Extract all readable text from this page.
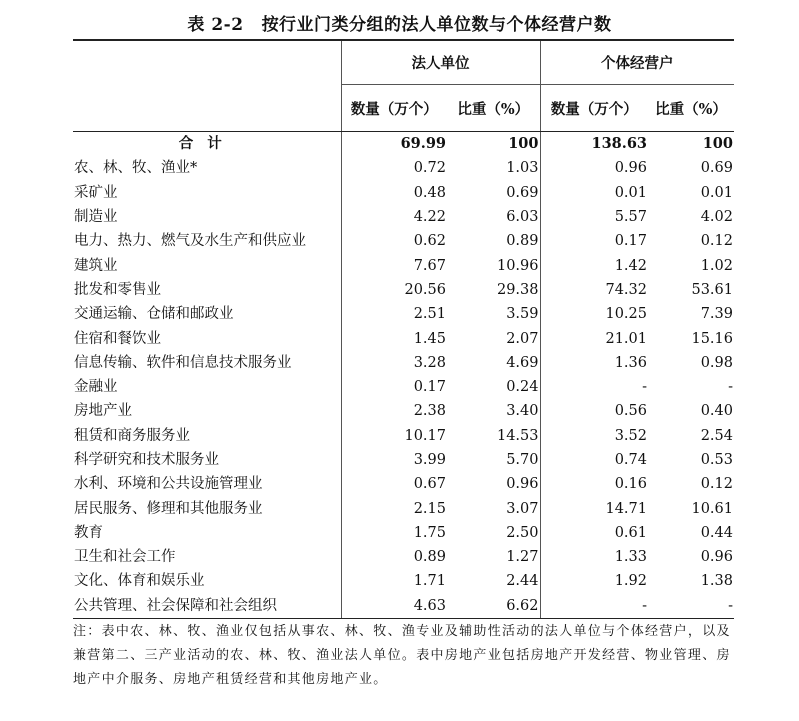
表 2-2 按行业门类分组的法人单位数与个体经营户数
	法人单位		个体经营户	
	数量（万个）	比重（%）	数量（万个）	比重（%）
合计	69.99	100	138.63	100
农、林、牧、渔业*	0.72	1.03	0.96	0.69
采矿业	0.48	0.69	0.01	0.01
制造业	4.22	6.03	5.57	4.02
电力、热力、燃气及水生产和供应业	0.62	0.89	0.17	0.12
建筑业	7.67	10.96	1.42	1.02
批发和零售业	20.56	29.38	74.32	53.61
交通运输、仓储和邮政业	2.51	3.59	10.25	7.39
住宿和餐饮业	1.45	2.07	21.01	15.16
信息传输、软件和信息技术服务业	3.28	4.69	1.36	0.98
金融业	0.17	0.24	-	-
房地产业	2.38	3.40	0.56	0.40
租赁和商务服务业	10.17	14.53	3.52	2.54
科学研究和技术服务业	3.99	5.70	0.74	0.53
水利、环境和公共设施管理业	0.67	0.96	0.16	0.12
居民服务、修理和其他服务业	2.15	3.07	14.71	10.61
教育	1.75	2.50	0.61	0.44
卫生和社会工作	0.89	1.27	1.33	0.96
文化、体育和娱乐业	1.71	2.44	1.92	1.38
公共管理、社会保障和社会组织	4.63	6.62	-	-
注：表中农、林、牧、渔业仅包括从事农、林、牧、渔专业及辅助性活动的法人单位与个体经营户，以及兼营第二、三产业活动的农、林、牧、渔业法人单位。表中房地产业包括房地产开发经营、物业管理、房地产中介服务、房地产租赁经营和其他房地产业。
